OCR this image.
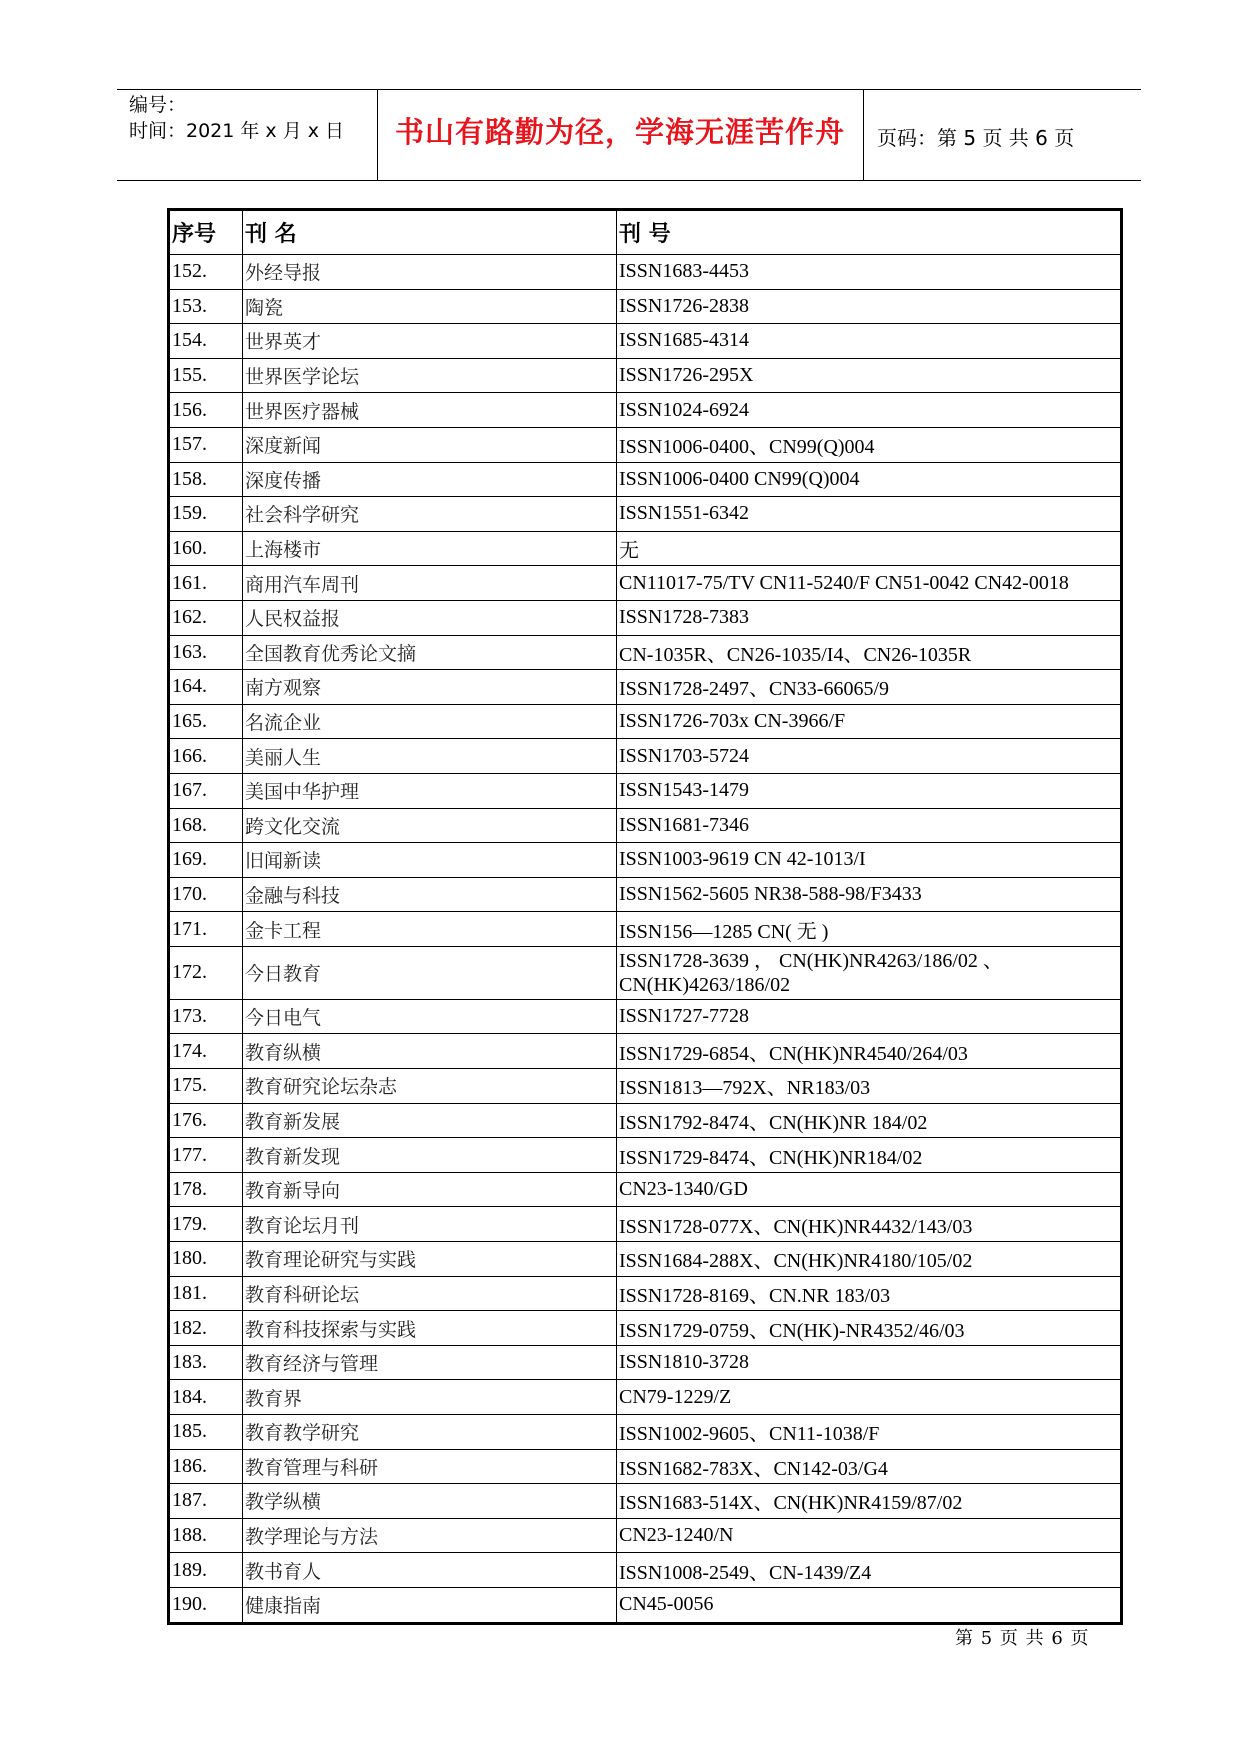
编号：
时间：2021 年 x 月 x 日	书山有路勤为径，学海无涯苦作舟	页码：第 5 页 共 6 页
序号	刊 名	刊 号
152.	外经导报	ISSN1683-4453
153.	陶瓷	ISSN1726-2838
154.	世界英才	ISSN1685-4314
155.	世界医学论坛	ISSN1726-295X
156.	世界医疗器械	ISSN1024-6924
157.	深度新闻	ISSN1006-0400、CN99(Q)004
158.	深度传播	ISSN1006-0400 CN99(Q)004
159.	社会科学研究	ISSN1551-6342
160.	上海楼市	无
161.	商用汽车周刊	CN11017-75/TV CN11-5240/F CN51-0042 CN42-0018
162.	人民权益报	ISSN1728-7383
163.	全国教育优秀论文摘	CN-1035R、CN26-1035/I4、CN26-1035R
164.	南方观察	ISSN1728-2497、CN33-66065/9
165.	名流企业	ISSN1726-703x CN-3966/F
166.	美丽人生	ISSN1703-5724
167.	美国中华护理	ISSN1543-1479
168.	跨文化交流	ISSN1681-7346
169.	旧闻新读	ISSN1003-9619 CN 42-1013/I
170.	金融与科技	ISSN1562-5605 NR38-588-98/F3433
171.	金卡工程	ISSN156—1285 CN( 无 )
172.	今日教育	ISSN1728-3639 ， CN(HK)NR4263/186/02 、 CN(HK)4263/186/02
173.	今日电气	ISSN1727-7728
174.	教育纵横	ISSN1729-6854、CN(HK)NR4540/264/03
175.	教育研究论坛杂志	ISSN1813—792X、NR183/03
176.	教育新发展	ISSN1792-8474、CN(HK)NR 184/02
177.	教育新发现	ISSN1729-8474、CN(HK)NR184/02
178.	教育新导向	CN23-1340/GD
179.	教育论坛月刊	ISSN1728-077X、CN(HK)NR4432/143/03
180.	教育理论研究与实践	ISSN1684-288X、CN(HK)NR4180/105/02
181.	教育科研论坛	ISSN1728-8169、CN.NR 183/03
182.	教育科技探索与实践	ISSN1729-0759、CN(HK)-NR4352/46/03
183.	教育经济与管理	ISSN1810-3728
184.	教育界	CN79-1229/Z
185.	教育教学研究	ISSN1002-9605、CN11-1038/F
186.	教育管理与科研	ISSN1682-783X、CN142-03/G4
187.	教学纵横	ISSN1683-514X、CN(HK)NR4159/87/02
188.	教学理论与方法	CN23-1240/N
189.	教书育人	ISSN1008-2549、CN-1439/Z4
190.	健康指南	CN45-0056
第 5 页 共 6 页
